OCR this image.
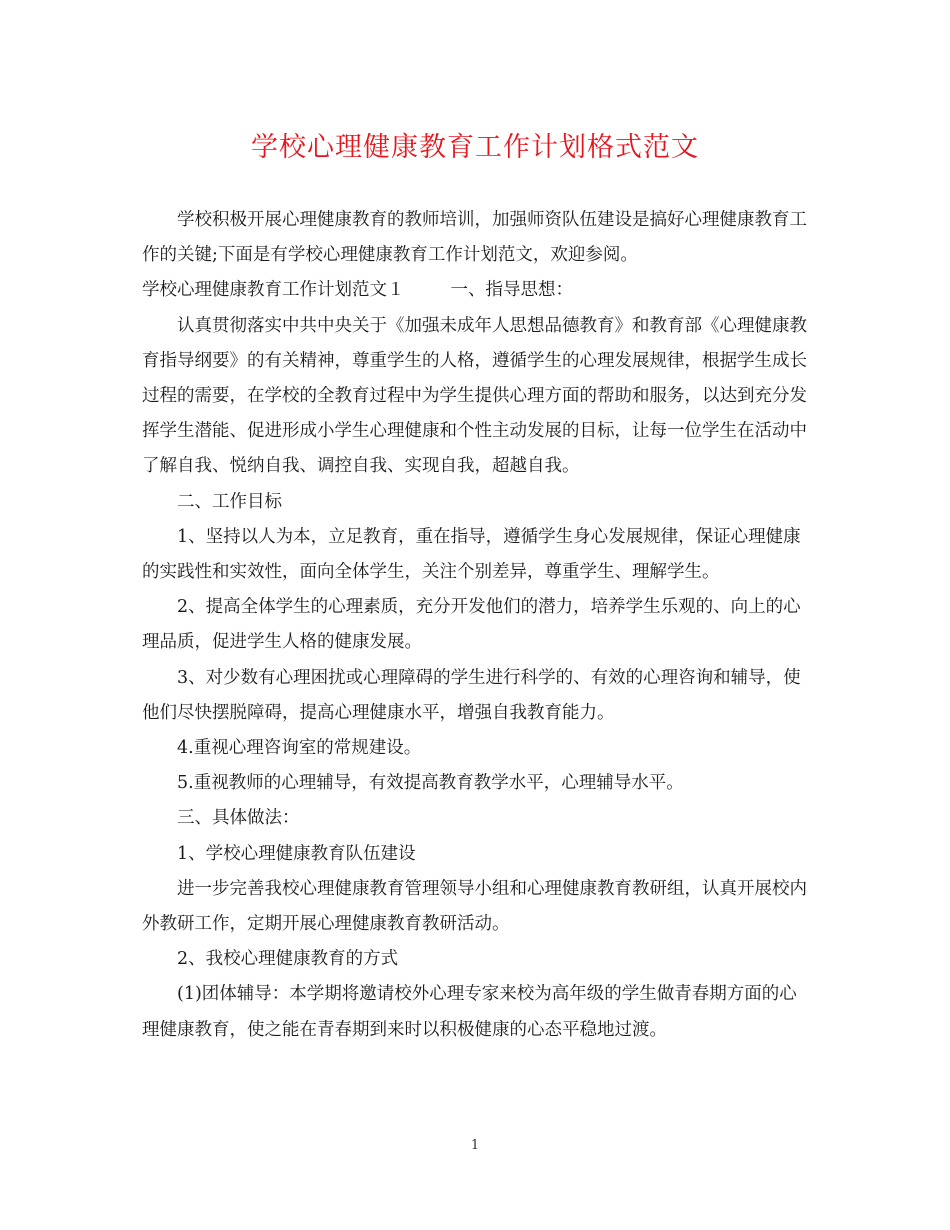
学校心理健康教育工作计划格式范文

学校积极开展心理健康教育的教师培训，加强师资队伍建设是搞好心理健康教育工作的关键;下面是有学校心理健康教育工作计划范文，欢迎参阅。

学校心理健康教育工作计划范文１	一、指导思想：

认真贯彻落实中共中央关于《加强未成年人思想品德教育》和教育部《心理健康教育指导纲要》的有关精神，尊重学生的人格，遵循学生的心理发展规律，根据学生成长过程的需要，在学校的全教育过程中为学生提供心理方面的帮助和服务，以达到充分发挥学生潜能、促进形成小学生心理健康和个性主动发展的目标，让每一位学生在活动中了解自我、悦纳自我、调控自我、实现自我，超越自我。

二、工作目标

1、坚持以人为本，立足教育，重在指导，遵循学生身心发展规律，保证心理健康的实践性和实效性，面向全体学生，关注个别差异，尊重学生、理解学生。

2、提高全体学生的心理素质，充分开发他们的潜力，培养学生乐观的、向上的心理品质，促进学生人格的健康发展。

3、对少数有心理困扰或心理障碍的学生进行科学的、有效的心理咨询和辅导，使他们尽快摆脱障碍，提高心理健康水平，增强自我教育能力。

4.重视心理咨询室的常规建设。

5.重视教师的心理辅导，有效提高教育教学水平，心理辅导水平。

三、具体做法：

1、学校心理健康教育队伍建设

进一步完善我校心理健康教育管理领导小组和心理健康教育教研组，认真开展校内外教研工作，定期开展心理健康教育教研活动。

2、我校心理健康教育的方式

(1)团体辅导：本学期将邀请校外心理专家来校为高年级的学生做青春期方面的心理健康教育，使之能在青春期到来时以积极健康的心态平稳地过渡。

1
